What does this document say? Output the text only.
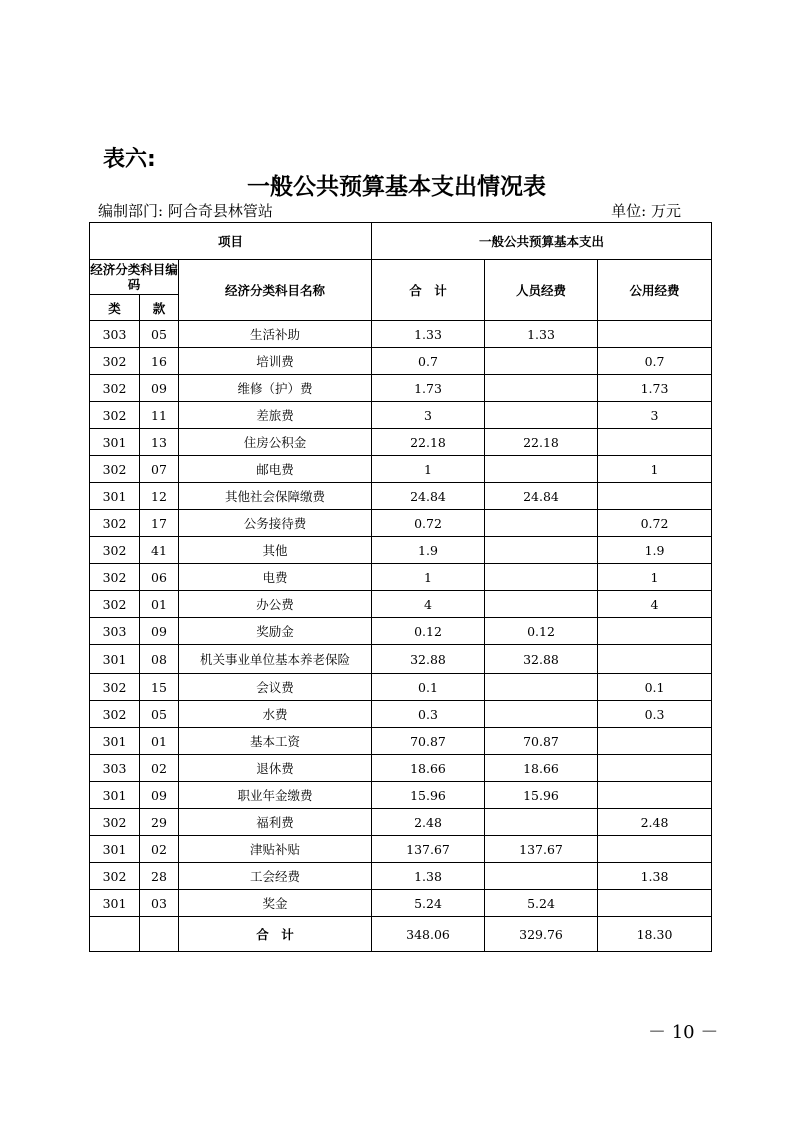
表六:
一般公共预算基本支出情况表
编制部门: 阿合奇县林管站	单位: 万元
项目			一般公共预算基本支出		
经济分类科目编码		经济分类科目名称	合　计	人员经费	公用经费
类	款				
303	05	生活补助	1.33	1.33	
302	16	培训费	0.7		0.7
302	09	维修（护）费	1.73		1.73
302	11	差旅费	3		3
301	13	住房公积金	22.18	22.18	
302	07	邮电费	1		1
301	12	其他社会保障缴费	24.84	24.84	
302	17	公务接待费	0.72		0.72
302	41	其他	1.9		1.9
302	06	电费	1		1
302	01	办公费	4		4
303	09	奖励金	0.12	0.12	
301	08	机关事业单位基本养老保险	32.88	32.88	
302	15	会议费	0.1		0.1
302	05	水费	0.3		0.3
301	01	基本工资	70.87	70.87	
303	02	退休费	18.66	18.66	
301	09	职业年金缴费	15.96	15.96	
302	29	福利费	2.48		2.48
301	02	津贴补贴	137.67	137.67	
302	28	工会经费	1.38		1.38
301	03	奖金	5.24	5.24	
		合　计	348.06	329.76	18.30
－ 10 －
